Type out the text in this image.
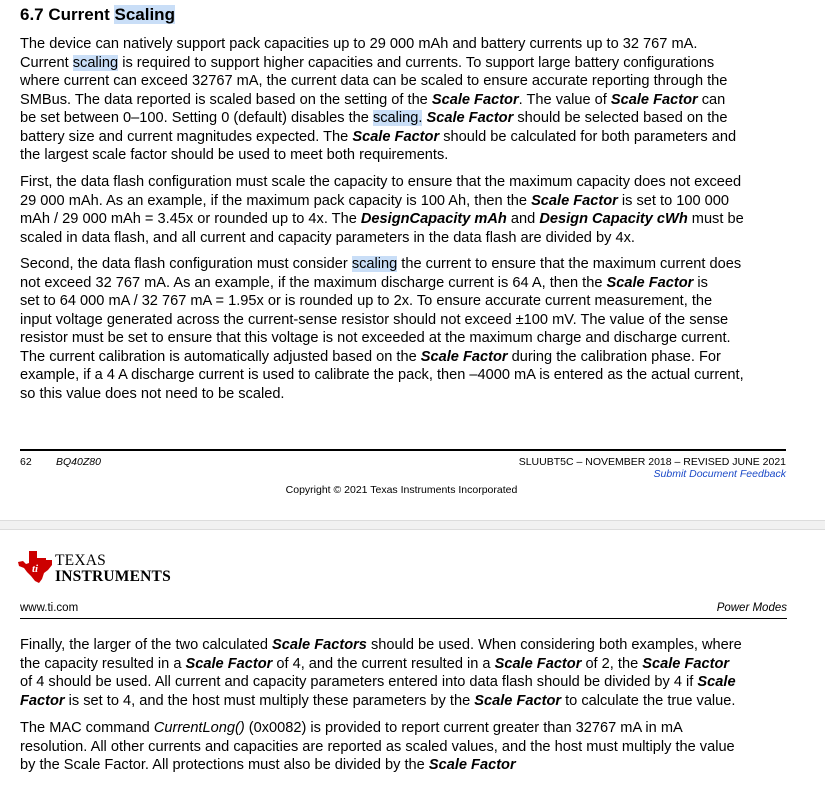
6.7 Current Scaling

The device can natively support pack capacities up to 29 000 mAh and battery currents up to 32 767 mA.
Current scaling is required to support higher capacities and currents. To support large battery configurations
where current can exceed 32767 mA, the current data can be scaled to ensure accurate reporting through the
SMBus. The data reported is scaled based on the setting of the Scale Factor. The value of Scale Factor can
be set between 0–100. Setting 0 (default) disables the scaling. Scale Factor should be selected based on the
battery size and current magnitudes expected. The Scale Factor should be calculated for both parameters and
the largest scale factor should be used to meet both requirements.

First, the data flash configuration must scale the capacity to ensure that the maximum capacity does not exceed
29 000 mAh. As an example, if the maximum pack capacity is 100 Ah, then the Scale Factor is set to 100 000
mAh / 29 000 mAh = 3.45x or rounded up to 4x. The DesignCapacity mAh and Design Capacity cWh must be
scaled in data flash, and all current and capacity parameters in the data flash are divided by 4x.

Second, the data flash configuration must consider scaling the current to ensure that the maximum current does
not exceed 32 767 mA. As an example, if the maximum discharge current is 64 A, then the Scale Factor is
set to 64 000 mA / 32 767 mA = 1.95x or is rounded up to 2x. To ensure accurate current measurement, the
input voltage generated across the current-sense resistor should not exceed ±100 mV. The value of the sense
resistor must be set to ensure that this voltage is not exceeded at the maximum charge and discharge current.
The current calibration is automatically adjusted based on the Scale Factor during the calibration phase. For
example, if a 4 A discharge current is used to calibrate the pack, then –4000 mA is entered as the actual current,
so this value does not need to be scaled.

62 BQ40Z80	SLUUBT5C – NOVEMBER 2018 – REVISED JUNE 2021
Submit Document Feedback
Copyright © 2021 Texas Instruments Incorporated
ti TEXAS
INSTRUMENTS
www.ti.com	Power Modes

Finally, the larger of the two calculated Scale Factors should be used. When considering both examples, where
the capacity resulted in a Scale Factor of 4, and the current resulted in a Scale Factor of 2, the Scale Factor
of 4 should be used. All current and capacity parameters entered into data flash should be divided by 4 if Scale
Factor is set to 4, and the host must multiply these parameters by the Scale Factor to calculate the true value.

The MAC command CurrentLong() (0x0082) is provided to report current greater than 32767 mA in mA
resolution. All other currents and capacities are reported as scaled values, and the host must multiply the value
by the Scale Factor. All protections must also be divided by the Scale Factor
